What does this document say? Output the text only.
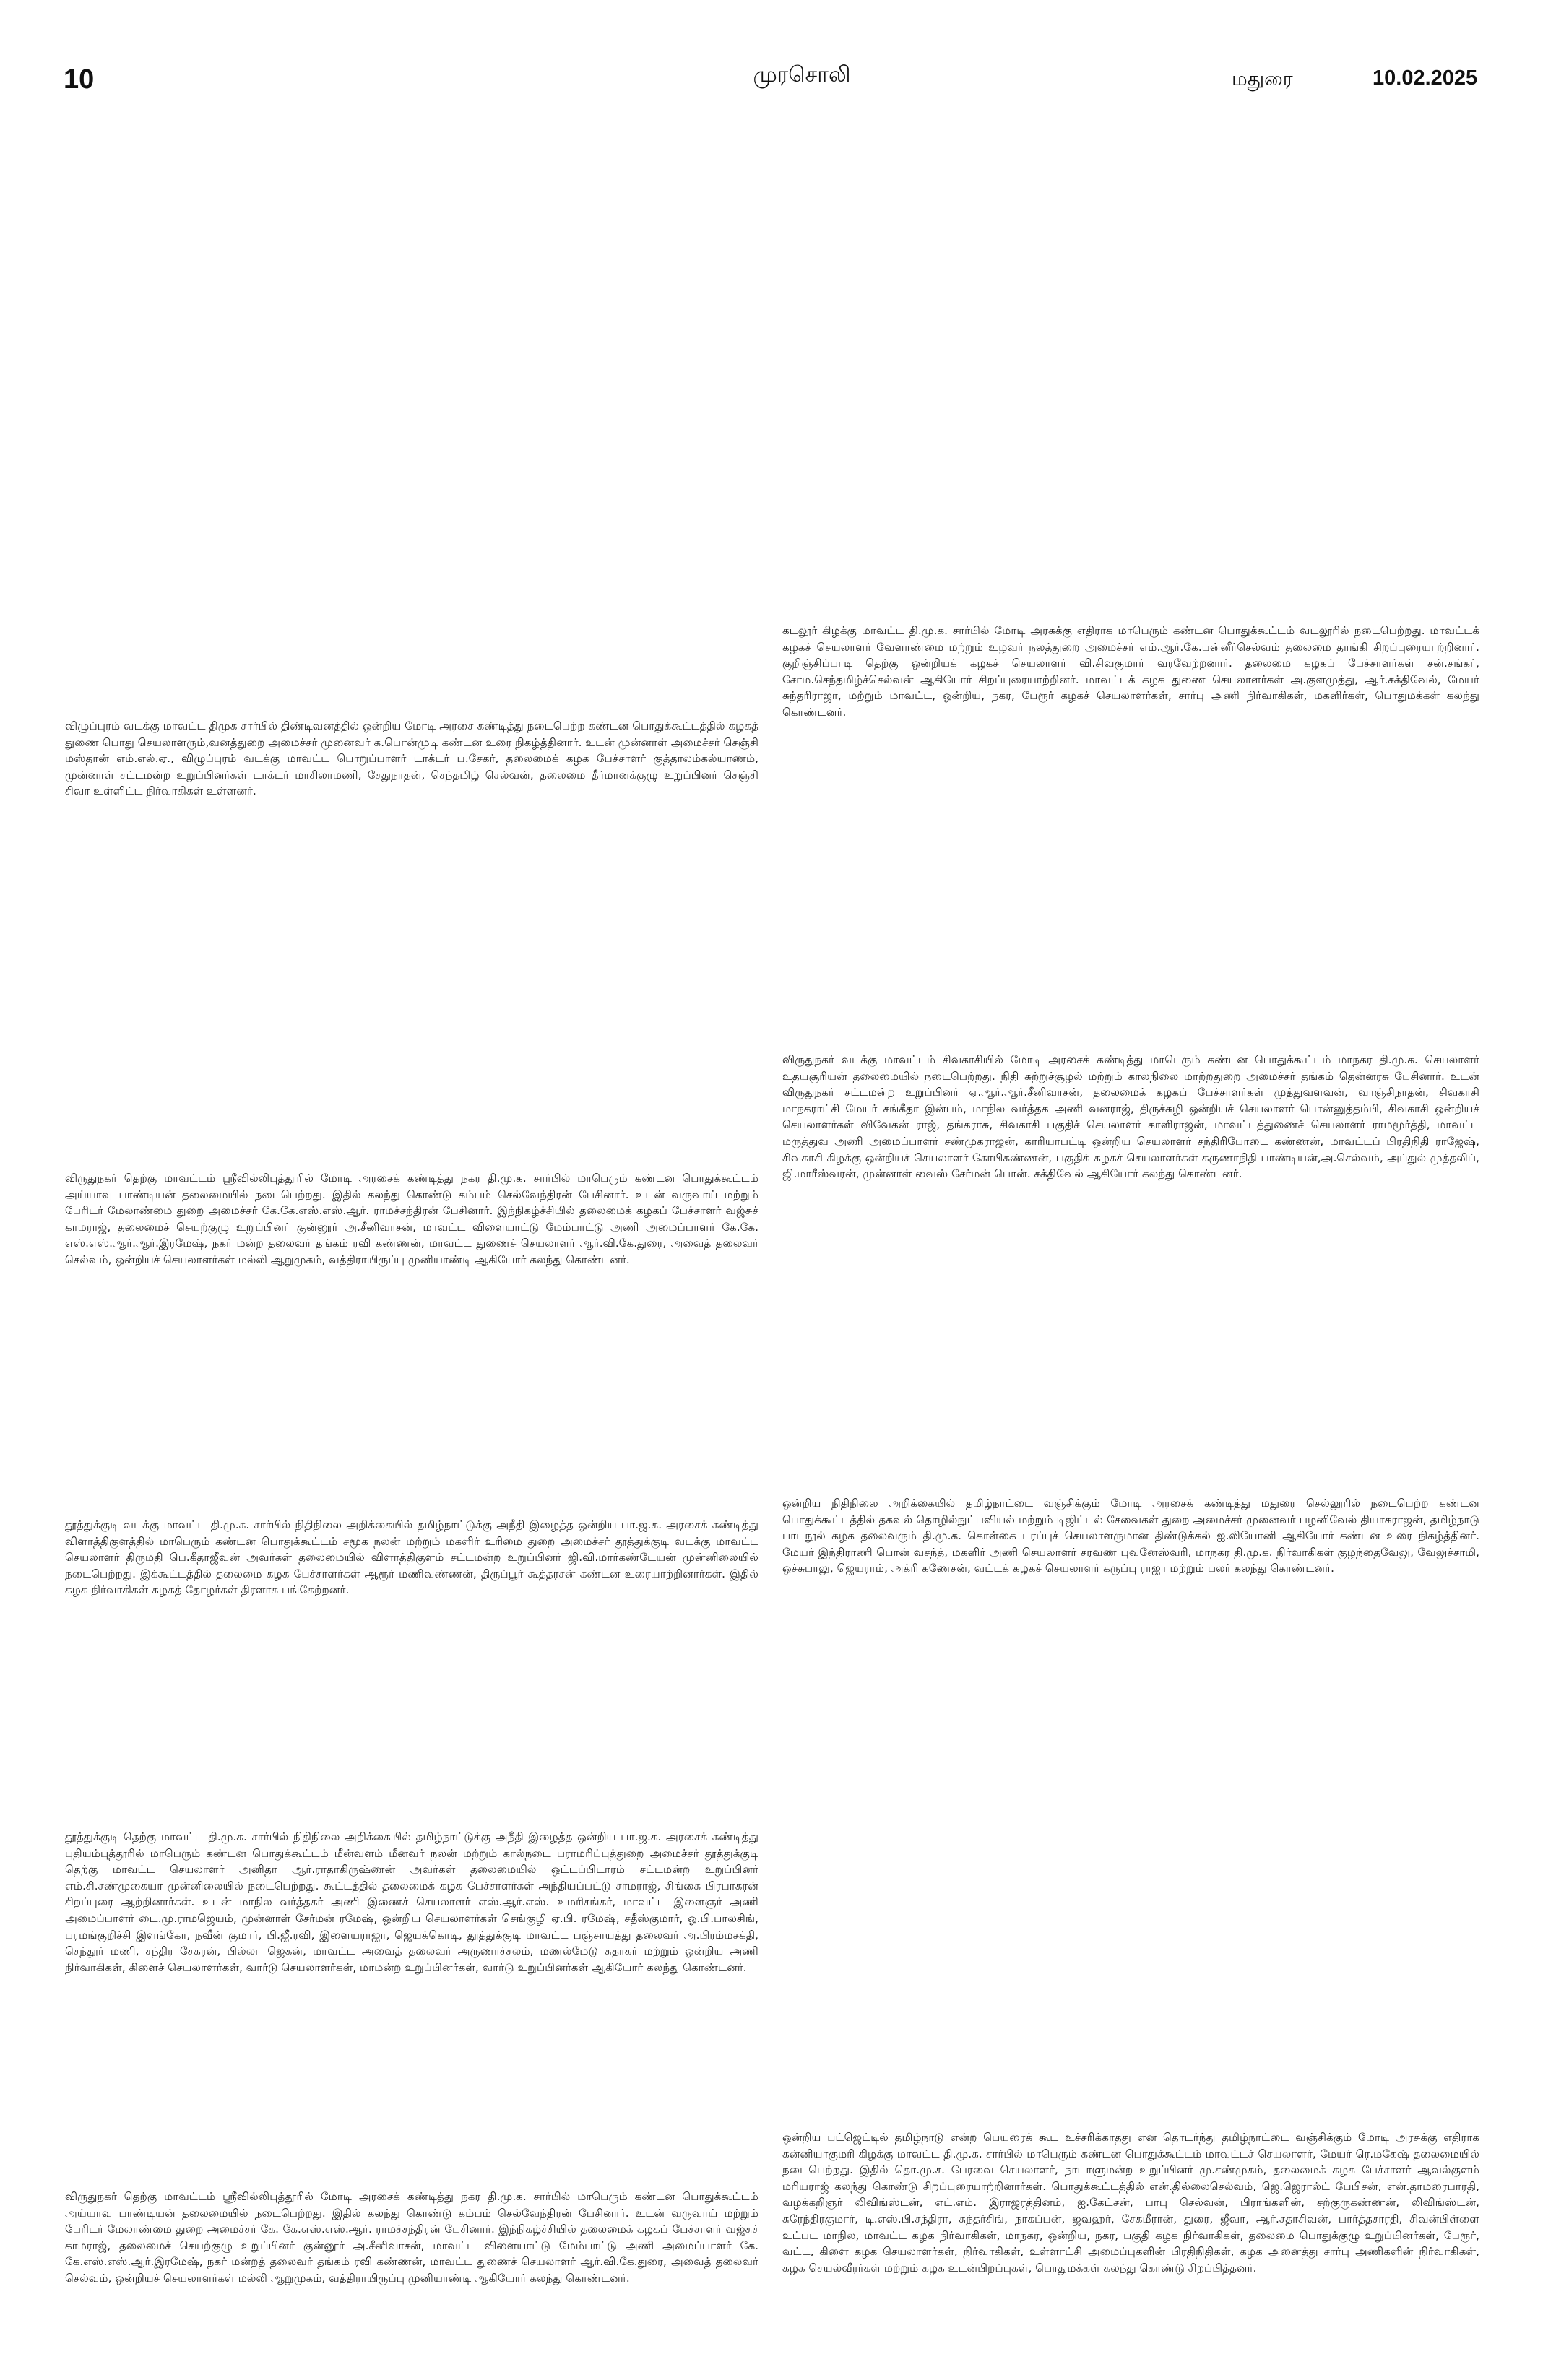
10	முரசொலி	மதுரை	10.02.2025

கடலூர் கிழக்கு மாவட்ட தி.மு.க. சார்பில் மோடி அரசுக்கு எதிராக மாபெரும் கண்டன பொதுக்கூட்டம் வடலூரில் நடைபெற்றது. மாவட்டக் கழகச் செயலாளர் வேளாண்மை மற்றும் உழவர் நலத்துறை அமைச்சர் எம்.ஆர்.கே.பன்னீர்செல்வம் தலைமை தாங்கி சிறப்புரையாற்றினார். குறிஞ்சிப்பாடி தெற்கு ஒன்றியக் கழகச் செயலாளர் வி.சிவகுமார் வரவேற்றனார். தலைமை கழகப் பேச்சாளர்கள் சன்.சங்கர், சோம.செந்தமிழ்ச்செல்வன் ஆகியோர் சிறப்புரையாற்றினர். மாவட்டக் கழக துணை செயலாளர்கள் அ.குளமுத்து, ஆர்.சக்திவேல், மேயர் சுந்தரிராஜா, மற்றும் மாவட்ட, ஒன்றிய, நகர, பேரூர் கழகச் செயலாளர்கள், சார்பு அணி நிர்வாகிகள், மகளிர்கள், பொதுமக்கள் கலந்து கொண்டனர்.

விழுப்புரம் வடக்கு மாவட்ட திமுக சார்பில் திண்டிவனத்தில் ஒன்றிய மோடி அரசை கண்டித்து நடைபெற்ற கண்டன பொதுக்கூட்டத்தில் கழகத் துணை பொது செயலாளரும்,வனத்துறை அமைச்சர் முனைவர் க.பொன்முடி கண்டன உரை நிகழ்த்தினார். உடன் முன்னாள் அமைச்சர் செஞ்சி மஸ்தான் எம்.எல்.ஏ., விழுப்புரம் வடக்கு மாவட்ட பொறுப்பாளர் டாக்டர் ப.சேகர், தலைமைக் கழக பேச்சாளர் குத்தாலம்கல்யாணம், முன்னாள் சட்டமன்ற உறுப்பினர்கள் டாக்டர் மாசிலாமணி, சேதுநாதன், செந்தமிழ் செல்வன், தலைமை தீர்மானக்குழு உறுப்பினர் செஞ்சி சிவா உள்ளிட்ட நிர்வாகிகள் உள்ளனர்.

விருதுநகர் வடக்கு மாவட்டம் சிவகாசியில் மோடி அரசைக் கண்டித்து மாபெரும் கண்டன பொதுக்கூட்டம் மாநகர தி.மு.க. செயலாளர் உதயசூரியன் தலைமையில் நடைபெற்றது. நிதி சுற்றுச்சூழல் மற்றும் காலநிலை மாற்றதுறை அமைச்சர் தங்கம் தென்னரசு பேசினார். உடன் விருதுநகர் சட்டமன்ற உறுப்பினர் ஏ.ஆர்.ஆர்.சீனிவாசன், தலைமைக் கழகப் பேச்சாளர்கள் முத்துவளவன், வாஞ்சிநாதன், சிவகாசி மாநகராட்சி மேயர் சங்கீதா இன்பம், மாநில வர்த்தக அணி வனராஜ், திருச்சுழி ஒன்றியச் செயலாளர் பொன்னுத்தம்பி, சிவகாசி ஒன்றியச் செயலாளர்கள் விவேகன் ராஜ், தங்கராசு, சிவகாசி பகுதிச் செயலாளர் காளிராஜன், மாவட்டத்துணைச் செயலாளர் ராமமூர்த்தி, மாவட்ட மருத்துவ அணி அமைப்பாளர் சண்முகராஜன், காரியாபட்டி ஒன்றிய செயலாளர் சந்திரிபோடை கண்ணன், மாவட்டப் பிரதிநிதி ராஜேஷ், சிவகாசி கிழக்கு ஒன்றியச் செயலாளர் கோபிகண்ணன், பகுதிக் கழகச் செயலாளர்கள் கருணாநிதி பாண்டியன்,அ.செல்வம், அப்துல் முத்தலிப், ஜி.மாரீஸ்வரன், முன்னாள் வைஸ் சேர்மன் பொன். சக்திவேல் ஆகியோர் கலந்து கொண்டனர்.

விருதுநகர் தெற்கு மாவட்டம் ஸ்ரீவில்லிபுத்தூரில் மோடி அரசைக் கண்டித்து நகர தி.மு.க. சார்பில் மாபெரும் கண்டன பொதுக்கூட்டம் அய்யாவு பாண்டியன் தலைமையில் நடைபெற்றது. இதில் கலந்து கொண்டு கம்பம் செல்வேந்திரன் பேசினார். உடன் வருவாய் மற்றும் பேரிடர் மேலாண்மை துறை அமைச்சர் கே.கே.எஸ்.எஸ்.ஆர். ராமச்சந்திரன் பேசினார். இந்நிகழ்ச்சியில் தலைமைக் கழகப் பேச்சாளர் வஜ்சுச் காமராஜ், தலைமைச் செயற்குழு உறுப்பினர் குன்னூர் அ.சீனிவாசன், மாவட்ட விளையாட்டு மேம்பாட்டு அணி அமைப்பாளர் கே.கே. எஸ்.எஸ்.ஆர்.ஆர்.இரமேஷ், நகர் மன்ற தலைவர் தங்கம் ரவி கண்ணன், மாவட்ட துணைச் செயலாளர் ஆர்.வி.கே.துரை, அவைத் தலைவர் செல்வம், ஒன்றியச் செயலாளர்கள் மல்லி ஆறுமுகம், வத்திராயிருப்பு முனியாண்டி ஆகியோர் கலந்து கொண்டனர்.

ஒன்றிய நிதிநிலை அறிக்கையில் தமிழ்நாட்டை வஞ்சிக்கும் மோடி அரசைக் கண்டித்து மதுரை செல்லூரில் நடைபெற்ற கண்டன பொதுக்கூட்டத்தில் தகவல் தொழில்நுட்பவியல் மற்றும் டிஜிட்டல் சேவைகள் துறை அமைச்சர் முனைவர் பழனிவேல் தியாகராஜன், தமிழ்நாடு பாடநூல் கழக தலைவரும் தி.மு.க. கொள்கை பரப்புச் செயலாளருமான திண்டுக்கல் ஐ.லியோனி ஆகியோர் கண்டன உரை நிகழ்த்தினர். மேயர் இந்திராணி பொன் வசந்த், மகளிர் அணி செயலாளர் சரவண புவனேஸ்வரி, மாநகர தி.மு.க. நிர்வாகிகள் குழந்தைவேலு, வேலுச்சாமி, ஒச்சுபாலு, ஜெயராம், அக்ரி கணேசன், வட்டக் கழகச் செயலாளர் கருப்பு ராஜா மற்றும் பலர் கலந்து கொண்டனர்.

தூத்துக்குடி வடக்கு மாவட்ட தி.மு.க. சார்பில் நிதிநிலை அறிக்கையில் தமிழ்நாட்டுக்கு அநீதி இழைத்த ஒன்றிய பா.ஜ.க. அரசைக் கண்டித்து விளாத்திகுளத்தில் மாபெரும் கண்டன பொதுக்கூட்டம் சமூக நலன் மற்றும் மகளிர் உரிமை துறை அமைச்சர் தூத்துக்குடி வடக்கு மாவட்ட செயலாளர் திருமதி பெ.கீதாஜீவன் அவர்கள் தலைமையில் விளாத்திகுளம் சட்டமன்ற உறுப்பினர் ஜி.வி.மார்கண்டேயன் முன்னிலையில் நடைபெற்றது. இக்கூட்டத்தில் தலைமை கழக பேச்சாளர்கள் ஆரூர் மணிவண்ணன், திருப்பூர் கூத்தரசன் கண்டன உரையாற்றினார்கள். இதில் கழக நிர்வாகிகள் கழகத் தோழர்கள் திரளாக பங்கேற்றனர்.

தூத்துக்குடி தெற்கு மாவட்ட தி.மு.க. சார்பில் நிதிநிலை அறிக்கையில் தமிழ்நாட்டுக்கு அநீதி இழைத்த ஒன்றிய பா.ஜ.க. அரசைக் கண்டித்து புதியம்புத்தூரில் மாபெரும் கண்டன பொதுக்கூட்டம் மீன்வளம் மீனவர் நலன் மற்றும் கால்நடை பராமரிப்புத்துறை அமைச்சர் தூத்துக்குடி தெற்கு மாவட்ட செயலாளர் அனிதா ஆர்.ராதாகிருஷ்ணன் அவர்கள் தலைமையில் ஒட்டப்பிடாரம் சட்டமன்ற உறுப்பினர் எம்.சி.சண்முகையா முன்னிலையில் நடைபெற்றது. கூட்டத்தில் தலைமைக் கழக பேச்சாளர்கள் அந்தியப்பட்டு சாமராஜ், சிங்கை பிரபாகரன் சிறப்புரை ஆற்றினார்கள். உடன் மாநில வர்த்தகர் அணி இணைச் செயலாளர் எஸ்.ஆர்.எஸ். உமரிசங்கர், மாவட்ட இளைஞர் அணி அமைப்பாளர் டை.மு.ராமஜெயம், முன்னாள் சேர்மன் ரமேஷ், ஒன்றிய செயலாளர்கள் செங்குழி ஏ.பி. ரமேஷ், சதீஸ்குமார், ஓ.பி.பாலசிங், பரமங்குறிச்சி இளங்கோ, நவீன் குமார், பி.ஜீ.ரவி, இளையராஜா, ஜெயக்கொடி, தூத்துக்குடி மாவட்ட பஞ்சாயத்து தலைவர் அ.பிரம்மசக்தி, செந்தூர் மணி, சந்திர சேகரன், பில்லா ஜெகன், மாவட்ட அவைத் தலைவர் அருணாச்சலம், மணல்மேடு சுதாகர் மற்றும் ஒன்றிய அணி நிர்வாகிகள், கிளைச் செயலாளர்கள், வார்டு செயலாளர்கள், மாமன்ற உறுப்பினர்கள், வார்டு உறுப்பினர்கள் ஆகியோர் கலந்து கொண்டனர்.

ஒன்றிய பட்ஜெட்டில் தமிழ்நாடு என்ற பெயரைக் கூட உச்சரிக்காதது என தொடர்ந்து தமிழ்நாட்டை வஞ்சிக்கும் மோடி அரசுக்கு எதிராக கன்னியாகுமரி கிழக்கு மாவட்ட தி.மு.க. சார்பில் மாபெரும் கண்டன பொதுக்கூட்டம் மாவட்டச் செயலாளர், மேயர் ரெ.மகேஷ் தலைமையில் நடைபெற்றது. இதில் தொ.மு.ச. பேரவை செயலாளர், நாடாளுமன்ற உறுப்பினர் மு.சண்முகம், தலைமைக் கழக பேச்சாளர் ஆவல்குளம் மரியராஜ் கலந்து கொண்டு சிறப்புரையாற்றினார்கள். பொதுக்கூட்டத்தில் என்.தில்லைசெல்வம், ஜெ.ஜெரால்ட் பேபிசன், என்.தாமரைபாரதி, வழக்கறிஞர் லிவிங்ஸ்டன், எட்.எம். இராஜரத்தினம், ஐ.கேட்சன், பாபு செல்வன், பிராங்களின், சற்குருகண்ணன், லிவிங்ஸ்டன், சுரேந்திரகுமார், டி.எஸ்.பி.சந்திரா, சுந்தர்சிங், நாகப்பன், ஜவஹர், சேகமீரான், துரை, ஜீவா, ஆர்.சதாசிவன், பார்த்தசாரதி, சிவன்பிள்ளை உட்பட மாநில, மாவட்ட கழக நிர்வாகிகள், மாநகர, ஒன்றிய, நகர, பகுதி கழக நிர்வாகிகள், தலைமை பொதுக்குழு உறுப்பினர்கள், பேரூர், வட்ட, கிளை கழக செயலாளர்கள், நிர்வாகிகள், உள்ளாட்சி அமைப்புகளின் பிரதிநிதிகள், கழக அனைத்து சார்பு அணிகளின் நிர்வாகிகள், கழக செயல்வீரர்கள் மற்றும் கழக உடன்பிறப்புகள், பொதுமக்கள் கலந்து கொண்டு சிறப்பித்தனர்.

விருதுநகர் தெற்கு மாவட்டம் ஸ்ரீவில்லிபுத்தூரில் மோடி அரசைக் கண்டித்து நகர தி.மு.க. சார்பில் மாபெரும் கண்டன பொதுக்கூட்டம் அய்யாவு பாண்டியன் தலைமையில் நடைபெற்றது. இதில் கலந்து கொண்டு கம்பம் செல்வேந்திரன் பேசினார். உடன் வருவாய் மற்றும் பேரிடர் மேலாண்மை துறை அமைச்சர் கே. கே.எஸ்.எஸ்.ஆர். ராமச்சந்திரன் பேசினார். இந்நிகழ்ச்சியில் தலைமைக் கழகப் பேச்சாளர் வஜ்சுச் காமராஜ், தலைமைச் செயற்குழு உறுப்பினர் குன்னூர் அ.சீனிவாசன், மாவட்ட விளையாட்டு மேம்பாட்டு அணி அமைப்பாளர் கே. கே.எஸ்.எஸ்.ஆர்.இரமேஷ், நகர் மன்றத் தலைவர் தங்கம் ரவி கண்ணன், மாவட்ட துணைச் செயலாளர் ஆர்.வி.கே.துரை, அவைத் தலைவர் செல்வம், ஒன்றியச் செயலாளர்கள் மல்லி ஆறுமுகம், வத்திராயிருப்பு முனியாண்டி ஆகியோர் கலந்து கொண்டனர்.
